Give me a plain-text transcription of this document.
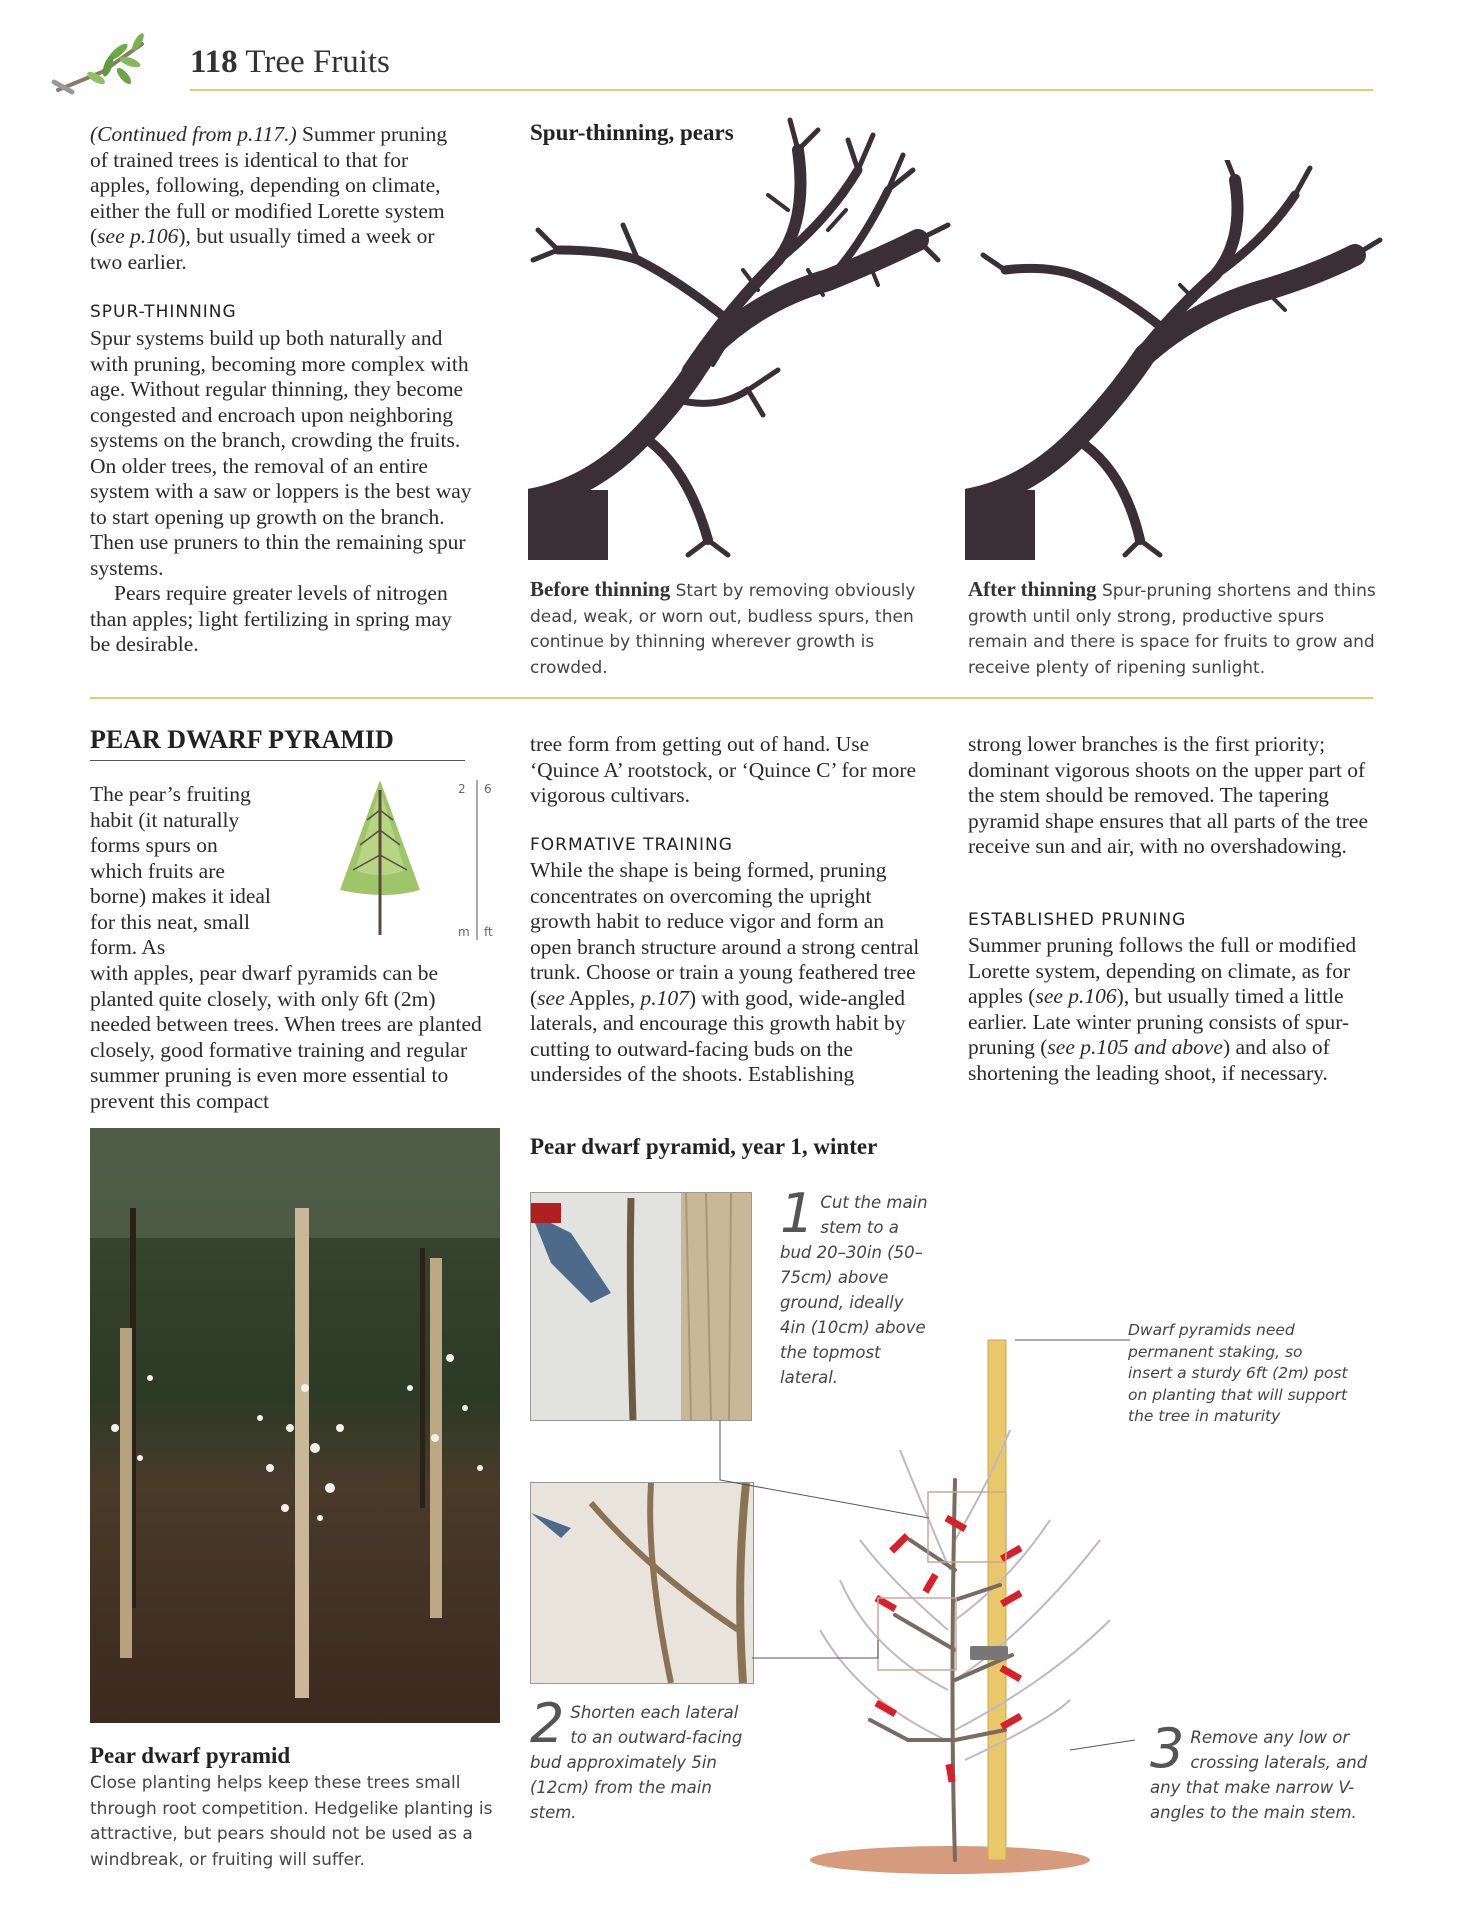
118 Tree Fruits
(Continued from p.117.) Summer pruning of trained trees is identical to that for apples, following, depending on climate, either the full or modified Lorette system (see p.106), but usually timed a week or two earlier.
SPUR-THINNING

Spur systems build up both naturally and with pruning, becoming more complex with age. Without regular thinning, they become congested and encroach upon neighboring systems on the branch, crowding the fruits. On older trees, the removal of an entire system with a saw or loppers is the best way to start opening up growth on the branch. Then use pruners to thin the remaining spur systems.

Pears require greater levels of nitrogen than apples; light fertilizing in spring may be desirable.

Spur-thinning, pears
Before thinning Start by removing obviously dead, weak, or worn out, budless spurs, then continue by thinning wherever growth is crowded.
After thinning Spur-pruning shortens and thins growth until only strong, productive spurs remain and there is space for fruits to grow and receive plenty of ripening sunlight.
PEAR DWARF PYRAMID
The pear’s fruiting habit (it naturally forms spurs on which fruits are borne) makes it ideal for this neat, small form. As
2 6
m ft
with apples, pear dwarf pyramids can be planted quite closely, with only 6ft (2m) needed between trees. When trees are planted closely, good formative training and regular summer pruning is even more essential to prevent this compact
tree form from getting out of hand. Use ‘Quince A’ rootstock, or ‘Quince C’ for more vigorous cultivars.
FORMATIVE TRAINING
While the shape is being formed, pruning concentrates on overcoming the upright growth habit to reduce vigor and form an open branch structure around a strong central trunk. Choose or train a young feathered tree (see Apples, p.107) with good, wide-angled laterals, and encourage this growth habit by cutting to outward-facing buds on the undersides of the shoots. Establishing
strong lower branches is the first priority; dominant vigorous shoots on the upper part of the stem should be removed. The tapering pyramid shape ensures that all parts of the tree receive sun and air, with no overshadowing.
ESTABLISHED PRUNING
Summer pruning follows the full or modified Lorette system, depending on climate, as for apples (see p.106), but usually timed a little earlier. Late winter pruning consists of spur-pruning (see p.105 and above) and also of shortening the leading shoot, if necessary.
Pear dwarf pyramid
Close planting helps keep these trees small through root competition. Hedgelike planting is attractive, but pears should not be used as a windbreak, or fruiting will suffer.
Pear dwarf pyramid, year 1, winter
1 Cut the main stem to a bud 20–30in (50–75cm) above ground, ideally 4in (10cm) above the topmost lateral.
2 Shorten each lateral to an outward-facing bud approximately 5in (12cm) from the main stem.
3 Remove any low or crossing laterals, and any that make narrow V-angles to the main stem.
Dwarf pyramids need permanent staking, so insert a sturdy 6ft (2m) post on planting that will support the tree in maturity
